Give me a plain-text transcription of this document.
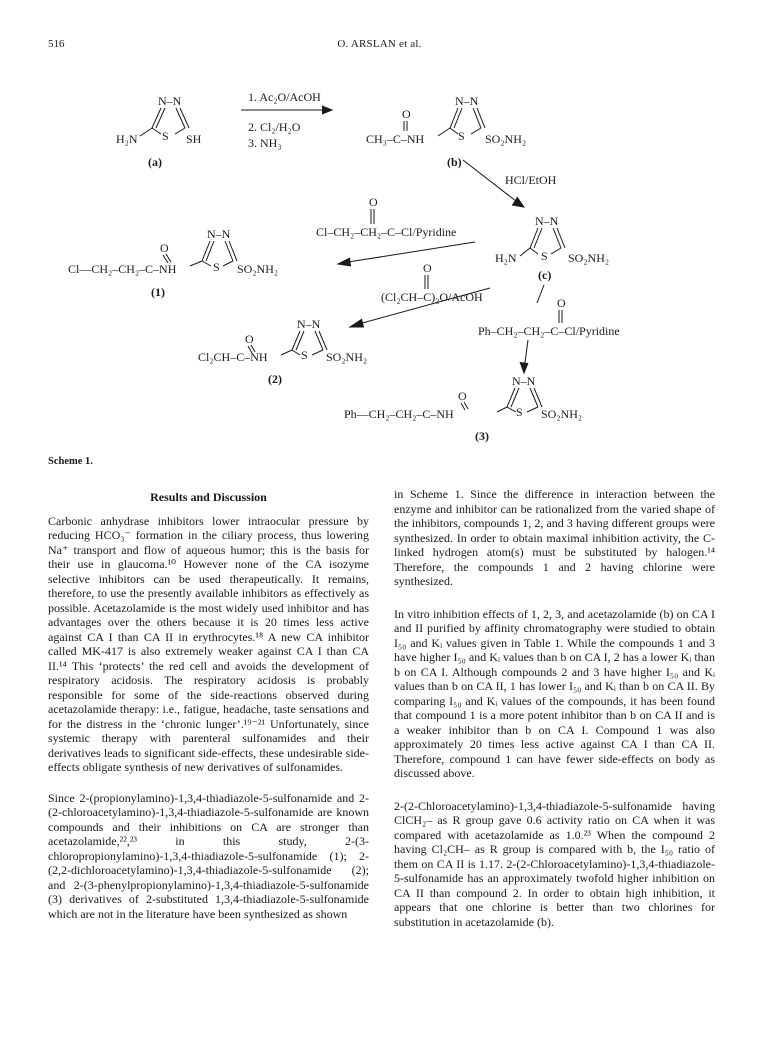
516	O. ARSLAN et al.
N–N
H₂N S SH
(a)
1. Ac₂O/AcOH
2. Cl₂/H₂O
3. NH₃
N–N
O
CH₃–C–NH	S SO₂NH₂
(b)
HCl/EtOH
N–N
H₂N S SO₂NH₂
(c)
O
Cl–CH₂–CH₂–C–Cl/Pyridine
N–N
O
Cl—CH₂–CH₂–C–NH	S SO₂NH₂
(1)
O
(Cl₂CH–C)₂O/AcOH	O
Ph–CH₂–CH₂–C–Cl/Pyridine
N–N
O
Cl₂CH–C–NH	S SO₂NH₂
(2)	N–N
O
Ph—CH₂–CH₂–C–NH	S SO₂NH₂
(3)
Scheme 1.
Results and Discussion

Carbonic anhydrase inhibitors lower intraocular pressure by reducing HCO₃⁻ formation in the ciliary process, thus lowering Na⁺ transport and flow of aqueous humor; this is the basis for their use in glaucoma.¹⁰ However none of the CA isozyme selective inhibitors can be used therapeutically. It remains, therefore, to use the presently available inhibitors as effectively as possible. Acetazolamide is the most widely used inhibitor and has advantages over the others because it is 20 times less active against CA I than CA II in erythrocytes.¹⁸ A new CA inhibitor called MK-417 is also extremely weaker against CA I than CA II.¹⁴ This ‘protects’ the red cell and avoids the development of respiratory acidosis. The respiratory acidosis is probably responsible for some of the side-reactions observed during acetazolamide therapy: i.e., fatigue, headache, taste sensations and for the distress in the ‘chronic lunger’.¹⁹⁻²¹ Unfortunately, since systemic therapy with parenteral sulfonamides and their derivatives leads to significant side-effects, these undesirable side-effects obligate synthesis of new derivatives of sulfonamides.

Since 2-(propionylamino)-1,3,4-thiadiazole-5-sulfonamide and 2-(2-chloroacetylamino)-1,3,4-thiadiazole-5-sulfonamide are known compounds and their inhibitions on CA are stronger than acetazolamide,²²,²³ in this study, 2-(3-chloropropionylamino)-1,3,4-thiadiazole-5-sulfonamide (1); 2-(2,2-dichloroacetylamino)-1,3,4-thiadiazole-5-sulfonamide (2); and 2-(3-phenylpropionylamino)-1,3,4-thiadiazole-5-sulfonamide (3) derivatives of 2-substituted 1,3,4-thiadiazole-5-sulfonamide which are not in the literature have been synthesized as shown

in Scheme 1. Since the difference in interaction between the enzyme and inhibitor can be rationalized from the varied shape of the inhibitors, compounds 1, 2, and 3 having different groups were synthesized. In order to obtain maximal inhibition activity, the C-linked hydrogen atom(s) must be substituted by halogen.¹⁴ Therefore, the compounds 1 and 2 having chlorine were synthesized.

In vitro inhibition effects of 1, 2, 3, and acetazolamide (b) on CA I and II purified by affinity chromatography were studied to obtain I₅₀ and Kᵢ values given in Table 1. While the compounds 1 and 3 have higher I₅₀ and Kᵢ values than b on CA I, 2 has a lower Kᵢ than b on CA I. Although compounds 2 and 3 have higher I₅₀ and Kᵢ values than b on CA II, 1 has lower I₅₀ and Kᵢ than b on CA II. By comparing I₅₀ and Kᵢ values of the compounds, it has been found that compound 1 is a more potent inhibitor than b on CA II and is a weaker inhibitor than b on CA I. Compound 1 was also approximately 20 times less active against CA I than CA II. Therefore, compound 1 can have fewer side-effects on body as discussed above.

2-(2-Chloroacetylamino)-1,3,4-thiadiazole-5-sulfonamide having ClCH₂– as R group gave 0.6 activity ratio on CA when it was compared with acetazolamide as 1.0.²³ When the compound 2 having Cl₂CH– as R group is compared with b, the I₅₀ ratio of them on CA II is 1.17. 2-(2-Chloroacetylamino)-1,3,4-thiadiazole-5-sulfonamide has an approximately twofold higher inhibition on CA II than compound 2. In order to obtain high inhibition, it appears that one chlorine is better than two chlorines for substitution in acetazolamide (b).
